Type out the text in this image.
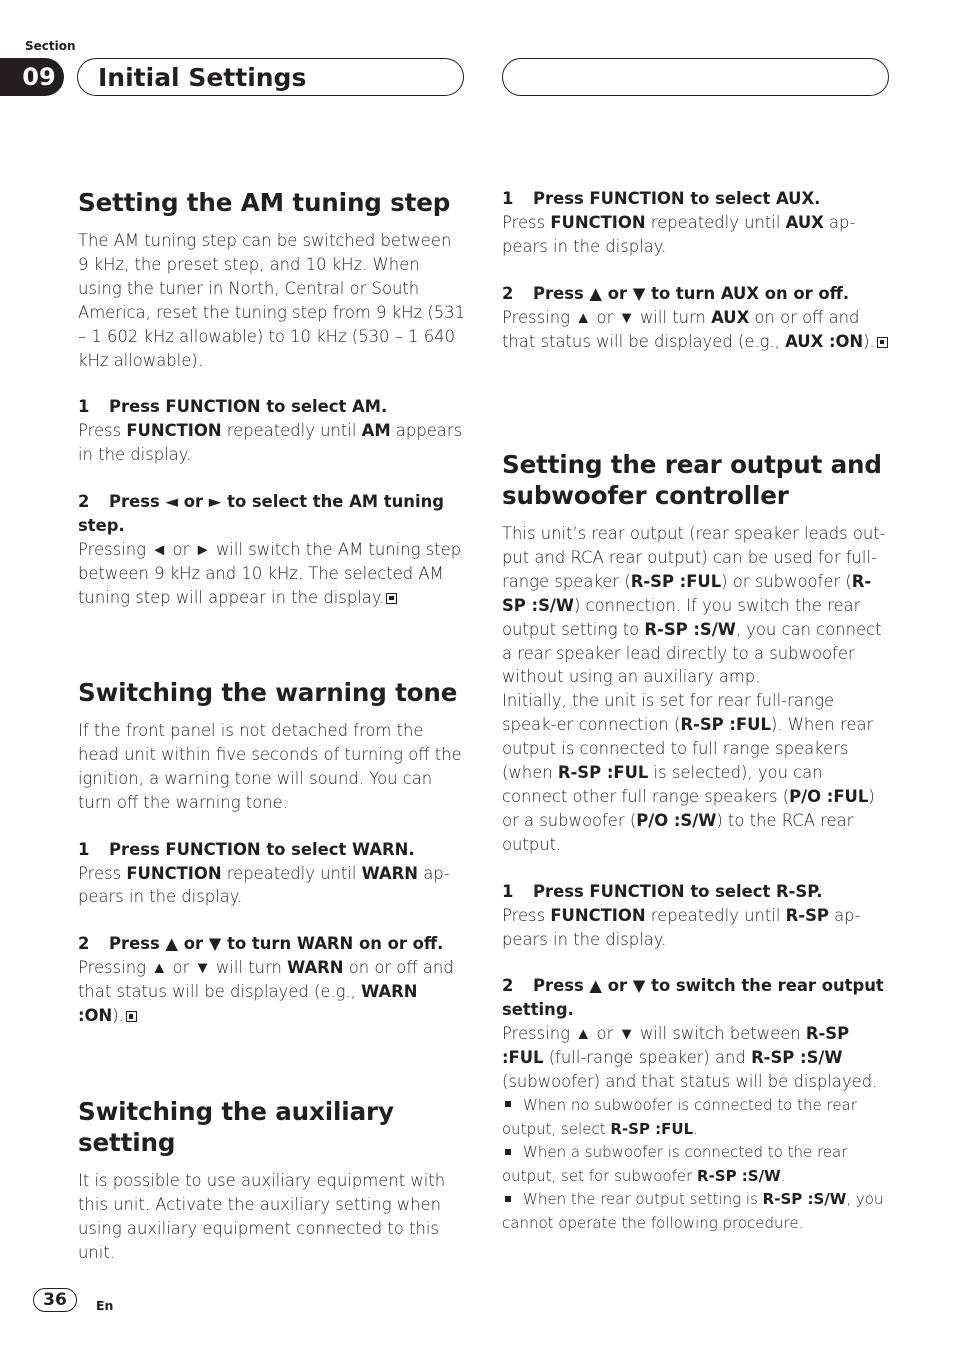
Section
09	Initial Settings
Setting the AM tuning step

The AM tuning step can be switched between 9 kHz, the preset step, and 10 kHz. When using the tuner in North, Central or South America, reset the tuning step from 9 kHz (531 – 1 602 kHz allowable) to 10 kHz (530 – 1 640 kHz allowable).

1 Press FUNCTION to select AM.

Press FUNCTION repeatedly until AM appears in the display.

2 Press ◄ or ► to select the AM tuning step.

Pressing ◄ or ► will switch the AM tuning step between 9 kHz and 10 kHz. The selected AM tuning step will appear in the display.

Switching the warning tone

If the front panel is not detached from the head unit within five seconds of turning off the ignition, a warning tone will sound. You can turn off the warning tone.

1 Press FUNCTION to select WARN.

Press FUNCTION repeatedly until WARN ap-pears in the display.

2 Press ▲ or ▼ to turn WARN on or off.

Pressing ▲ or ▼ will turn WARN on or off and that status will be displayed (e.g., WARN :ON).

Switching the auxiliary setting

It is possible to use auxiliary equipment with this unit. Activate the auxiliary setting when using auxiliary equipment connected to this unit.

1 Press FUNCTION to select AUX.

Press FUNCTION repeatedly until AUX ap-pears in the display.

2 Press ▲ or ▼ to turn AUX on or off.

Pressing ▲ or ▼ will turn AUX on or off and that status will be displayed (e.g., AUX :ON).

Setting the rear output and subwoofer controller

This unit’s rear output (rear speaker leads out-put and RCA rear output) can be used for full-range speaker (R-SP :FUL) or subwoofer (R-SP :S/W) connection. If you switch the rear output setting to R-SP :S/W, you can connect a rear speaker lead directly to a subwoofer without using an auxiliary amp.

Initially, the unit is set for rear full-range speak-er connection (R-SP :FUL). When rear output is connected to full range speakers (when R-SP :FUL is selected), you can connect other full range speakers (P/O :FUL) or a subwoofer (P/O :S/W) to the RCA rear output.

1 Press FUNCTION to select R-SP.

Press FUNCTION repeatedly until R-SP ap-pears in the display.

2 Press ▲ or ▼ to switch the rear output setting.

Pressing ▲ or ▼ will switch between R-SP :FUL (full-range speaker) and R-SP :S/W (subwoofer) and that status will be displayed.

When no subwoofer is connected to the rear output, select R-SP :FUL.
When a subwoofer is connected to the rear output, set for subwoofer R-SP :S/W.
When the rear output setting is R-SP :S/W, you cannot operate the following procedure.
36	En
